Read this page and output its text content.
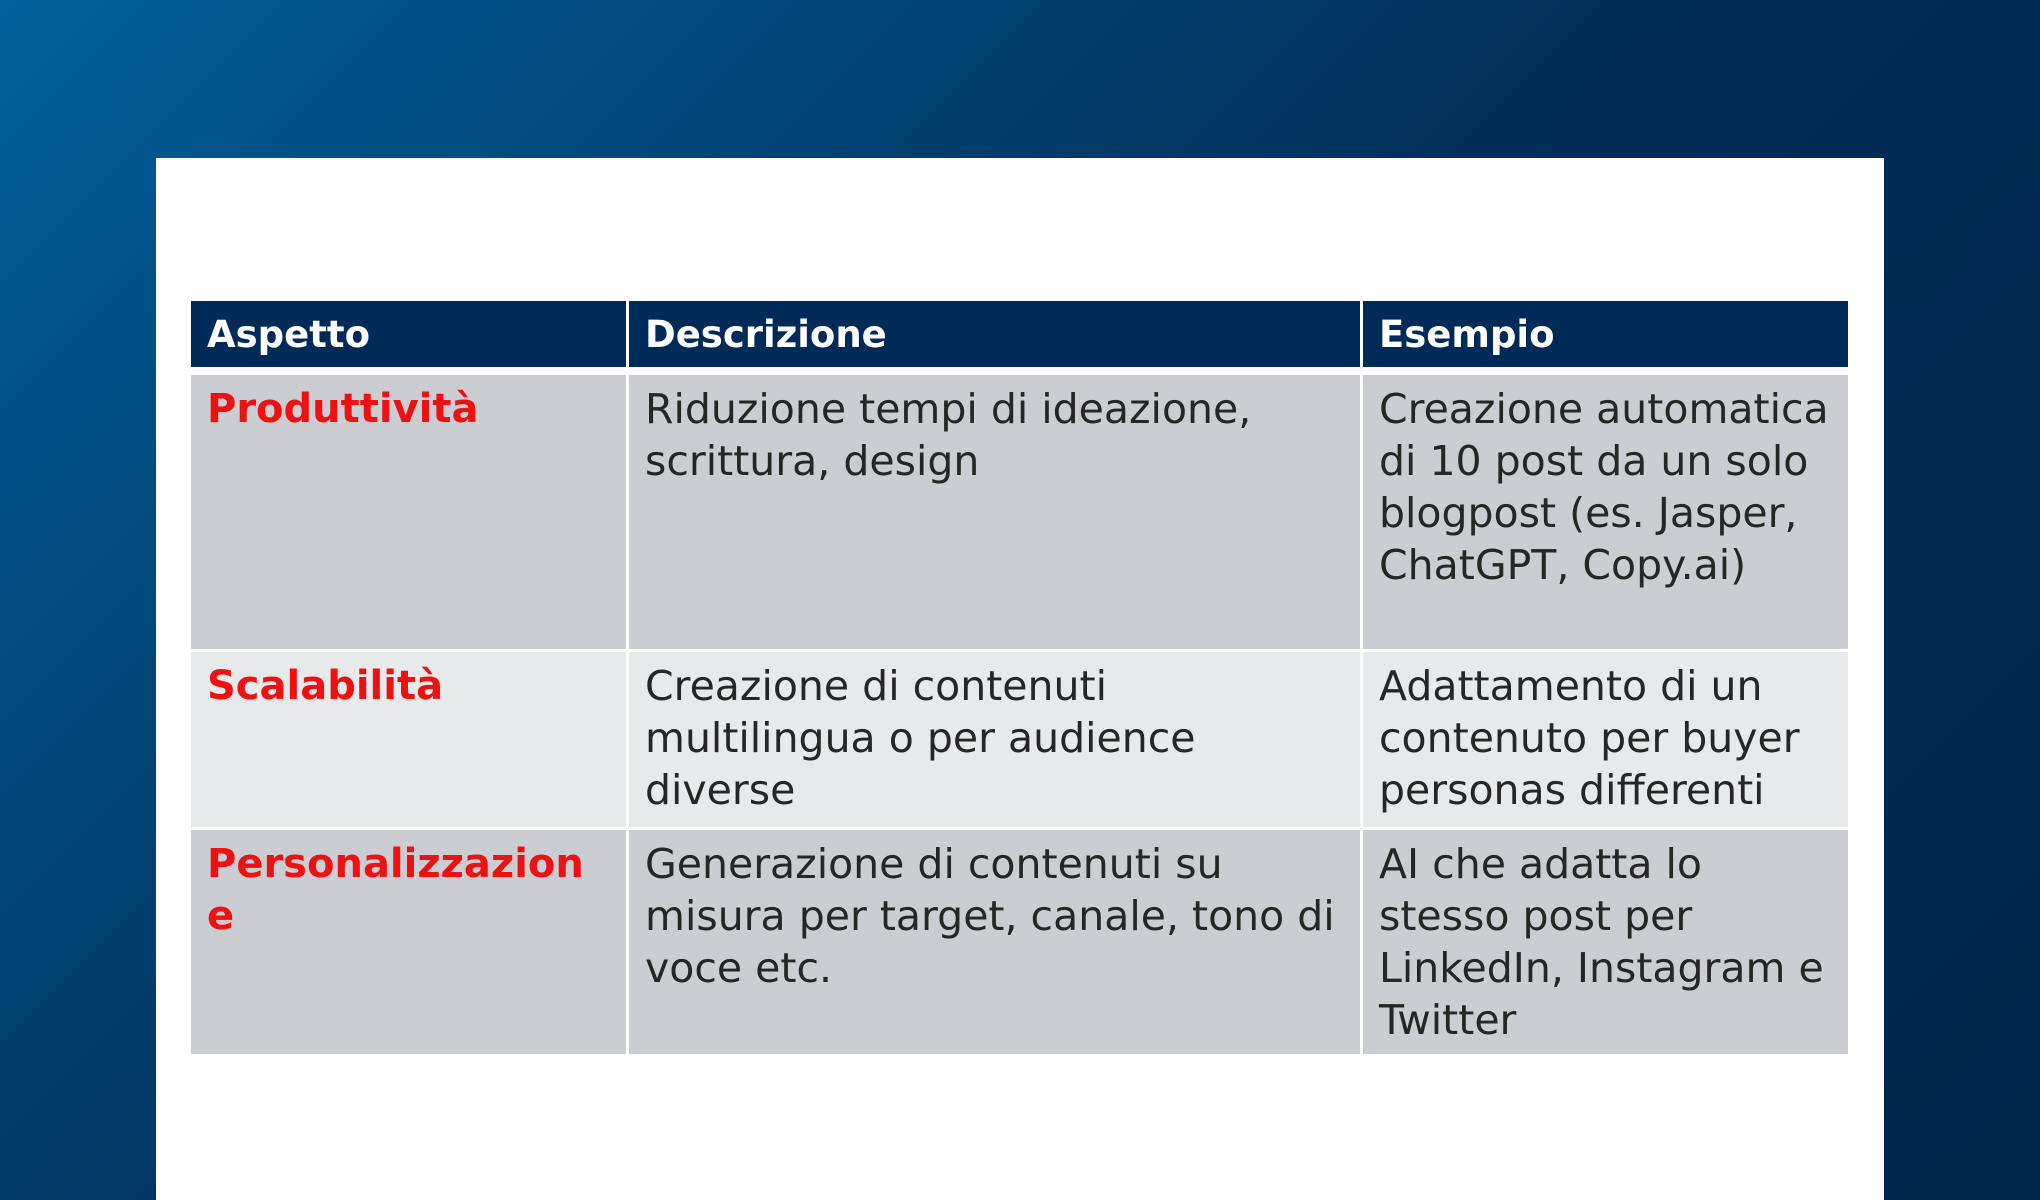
Aspetto	Descrizione	Esempio
Produttività	Riduzione tempi di ideazione, scrittura, design	Creazione automatica di 10 post da un solo blogpost (es. Jasper, ChatGPT, Copy.ai)
Scalabilità	Creazione di contenuti multilingua o per audience diverse	Adattamento di un contenuto per buyer personas differenti
Personalizzazione	Generazione di contenuti su misura per target, canale, tono di voce etc.	AI che adatta lo stesso post per LinkedIn, Instagram e Twitter
